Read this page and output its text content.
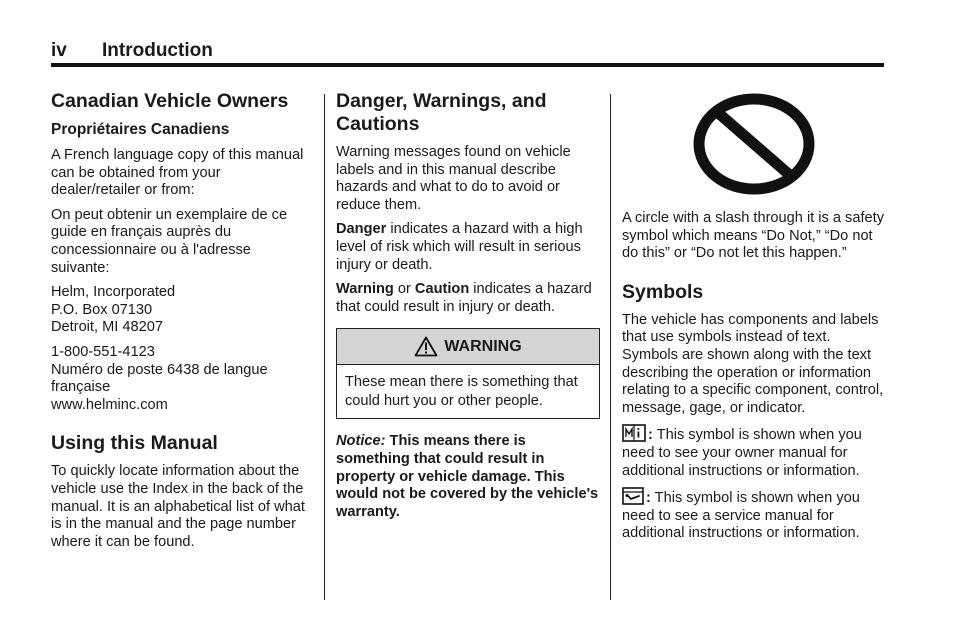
iv Introduction
Canadian Vehicle Owners
Propriétaires Canadiens

A French language copy of this manual can be obtained from your dealer/retailer or from:

On peut obtenir un exemplaire de ce guide en français auprès du concessionnaire ou à l'adresse suivante:

Helm, Incorporated
P.O. Box 07130
Detroit, MI 48207

1-800-551-4123
Numéro de poste 6438 de langue
française
www.helminc.com

Using this Manual

To quickly locate information about the vehicle use the Index in the back of the manual. It is an alphabetical list of what is in the manual and the page number where it can be found.

Danger, Warnings, and Cautions

Warning messages found on vehicle labels and in this manual describe hazards and what to do to avoid or reduce them.

Danger indicates a hazard with a high level of risk which will result in serious injury or death.

Warning or Caution indicates a hazard that could result in injury or death.

WARNING
These mean there is something that could hurt you or other people.

Notice: This means there is something that could result in property or vehicle damage. This would not be covered by the vehicle's warranty.

A circle with a slash through it is a safety symbol which means “Do Not,” “Do not do this” or “Do not let this happen.”

Symbols

The vehicle has components and labels that use symbols instead of text. Symbols are shown along with the text describing the operation or information relating to a specific component, control, message, gage, or indicator.

: This symbol is shown when you need to see your owner manual for additional instructions or information.

: This symbol is shown when you need to see a service manual for additional instructions or information.
